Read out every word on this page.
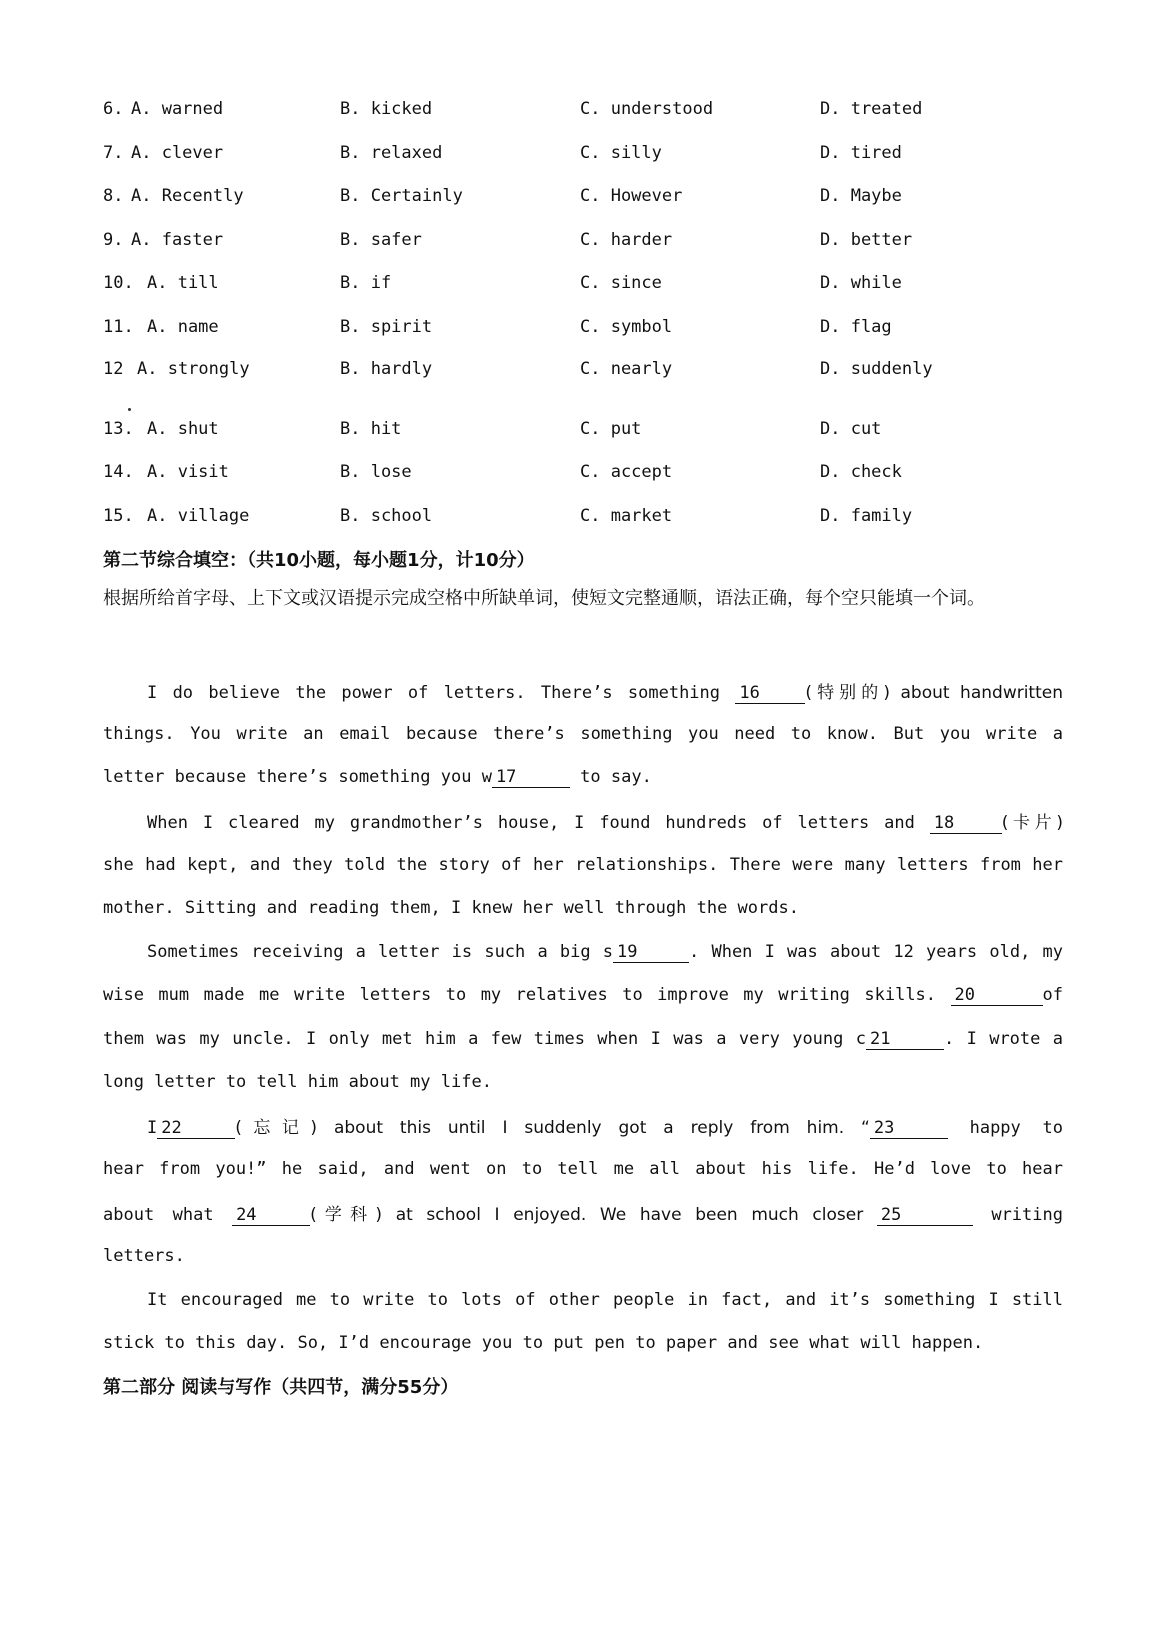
6. A. warned	B. kicked	C. understood	D. treated
7. A. clever	B. relaxed	C. silly	D. tired
8. A. Recently	B. Certainly	C. However	D. Maybe
9. A. faster	B. safer	C. harder	D. better
10. A. till	B. if	C. since	D. while
11. A. name	B. spirit	C. symbol	D. flag
12 A. strongly	B. hardly	C. nearly	D. suddenly
13. A. shut	B. hit	C. put	D. cut
14. A. visit	B. lose	C. accept	D. check
15. A. village	B. school	C. market	D. family
第二节综合填空：（共10小题，每小题1分，计10分）
根据所给首字母、上下文或汉语提示完成空格中所缺单词，使短文完整通顺，语法正确，每个空只能填一个词。
I do believe the power of letters. There’s something 16	(特别的) about handwritten
things. You write an email because there’s something you need to know. But you write a
letter because there’s something you w 17	to say.
When I cleared my grandmother’s house, I found hundreds of letters and 18	(卡片)
she had kept, and they told the story of her relationships. There were many letters from her
mother. Sitting and reading them, I knew her well through the words.
Sometimes receiving a letter is such a big s 19	. When I was about 12 years old, my
wise mum made me write letters to my relatives to improve my writing skills. 20	of
them was my uncle. I only met him a few times when I was a very young c 21	. I wrote a
long letter to tell him about my life.
I 22	(忘记) about this until I suddenly got a reply from him. “ 23	happy to
hear from you!” he said, and went on to tell me all about his life. He’d love to hear
about what 24	(学科) at school I enjoyed. We have been much closer 25	writing
letters.
It encouraged me to write to lots of other people in fact, and it’s something I still
stick to this day. So, I’d encourage you to put pen to paper and see what will happen.
第二部分 阅读与写作（共四节，满分55分）
